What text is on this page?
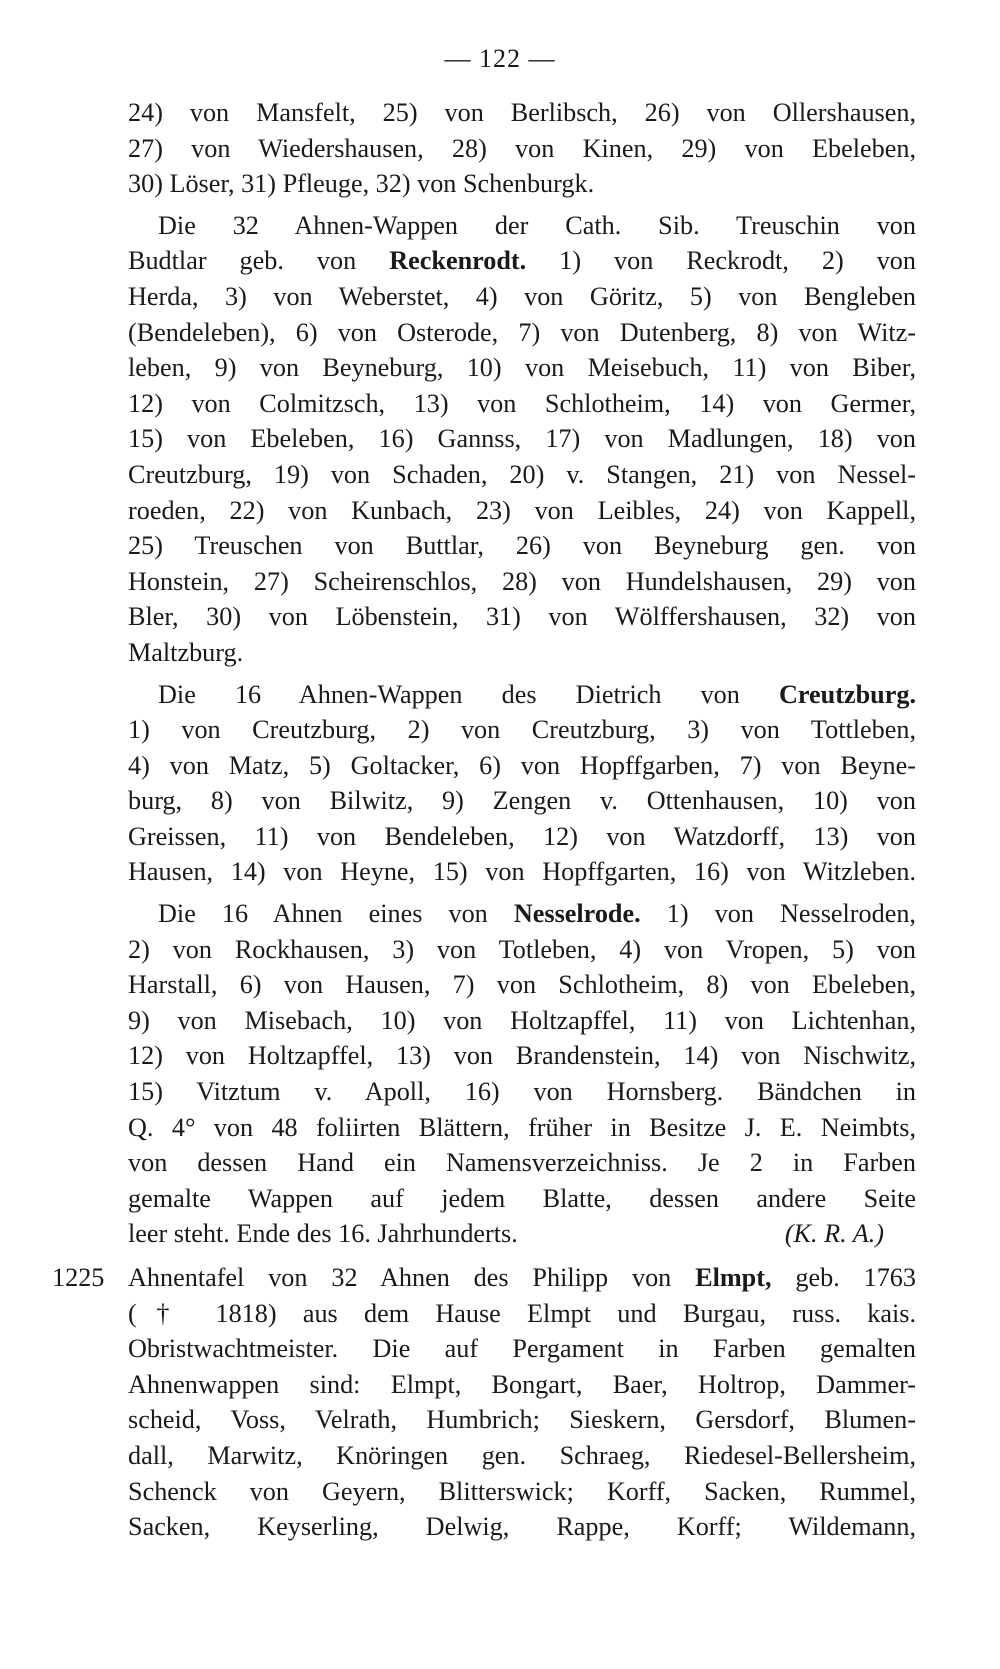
— 122 —
24) von Mansfelt, 25) von Berlibsch, 26) von Ollershausen,
27) von Wiedershausen, 28) von Kinen, 29) von Ebeleben,
30) Löser, 31) Pfleuge, 32) von Schenburgk.
Die 32 Ahnen-Wappen der Cath. Sib. Treuschin von
Budtlar geb. von Reckenrodt. 1) von Reckrodt, 2) von
Herda, 3) von Weberstet, 4) von Göritz, 5) von Bengleben
(Bendeleben), 6) von Osterode, 7) von Dutenberg, 8) von Witz-
leben, 9) von Beyneburg, 10) von Meisebuch, 11) von Biber,
12) von Colmitzsch, 13) von Schlotheim, 14) von Germer,
15) von Ebeleben, 16) Gannss, 17) von Madlungen, 18) von
Creutzburg, 19) von Schaden, 20) v. Stangen, 21) von Nessel-
roeden, 22) von Kunbach, 23) von Leibles, 24) von Kappell,
25) Treuschen von Buttlar, 26) von Beyneburg gen. von
Honstein, 27) Scheirenschlos, 28) von Hundelshausen, 29) von
Bler, 30) von Löbenstein, 31) von Wölffershausen, 32) von
Maltzburg.
Die 16 Ahnen-Wappen des Dietrich von Creutzburg.
1) von Creutzburg, 2) von Creutzburg, 3) von Tottleben,
4) von Matz, 5) Goltacker, 6) von Hopffgarben, 7) von Beyne-
burg, 8) von Bilwitz, 9) Zengen v. Ottenhausen, 10) von
Greissen, 11) von Bendeleben, 12) von Watzdorff, 13) von
Hausen, 14) von Heyne, 15) von Hopffgarten, 16) von Witzleben.
Die 16 Ahnen eines von Nesselrode. 1) von Nesselroden,
2) von Rockhausen, 3) von Totleben, 4) von Vropen, 5) von
Harstall, 6) von Hausen, 7) von Schlotheim, 8) von Ebeleben,
9) von Misebach, 10) von Holtzapffel, 11) von Lichtenhan,
12) von Holtzapffel, 13) von Brandenstein, 14) von Nischwitz,
15) Vitztum v. Apoll, 16) von Hornsberg. Bändchen in
Q. 4° von 48 foliirten Blättern, früher in Besitze J. E. Neimbts,
von dessen Hand ein Namensverzeichniss. Je 2 in Farben
gemalte Wappen auf jedem Blatte, dessen andere Seite
leer steht. Ende des 16. Jahrhunderts.	(K. R. A.)
1225 Ahnentafel von 32 Ahnen des Philipp von Elmpt, geb. 1763
(† 1818) aus dem Hause Elmpt und Burgau, russ. kais.
Obristwachtmeister. Die auf Pergament in Farben gemalten
Ahnenwappen sind: Elmpt, Bongart, Baer, Holtrop, Dammer-
scheid, Voss, Velrath, Humbrich; Sieskern, Gersdorf, Blumen-
dall, Marwitz, Knöringen gen. Schraeg, Riedesel-Bellersheim,
Schenck von Geyern, Blitterswick; Korff, Sacken, Rummel,
Sacken, Keyserling, Delwig, Rappe, Korff; Wildemann,
